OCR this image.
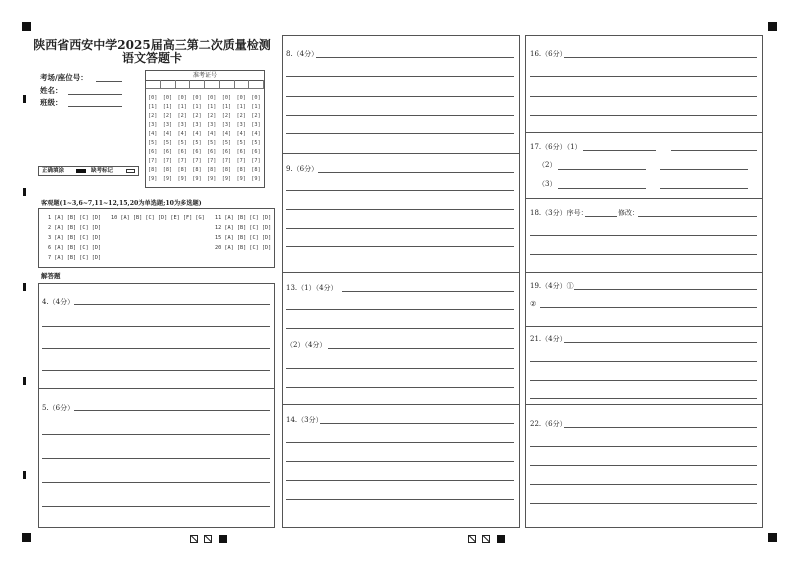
陕西省西安中学2025届高三第二次质量检测
语文答题卡
考场/座位号：
姓名：
班级：
准考证号
[0]
[1]
[2]
[3]
[4]
[5]
[6]
[7]
[8]
[9]
[0]
[1]
[2]
[3]
[4]
[5]
[6]
[7]
[8]
[9]
[0]
[1]
[2]
[3]
[4]
[5]
[6]
[7]
[8]
[9]
[0]
[1]
[2]
[3]
[4]
[5]
[6]
[7]
[8]
[9]
[0]
[1]
[2]
[3]
[4]
[5]
[6]
[7]
[8]
[9]
[0]
[1]
[2]
[3]
[4]
[5]
[6]
[7]
[8]
[9]
[0]
[1]
[2]
[3]
[4]
[5]
[6]
[7]
[8]
[9]
[0]
[1]
[2]
[3]
[4]
[5]
[6]
[7]
[8]
[9]
正确填涂	缺考标记
客观题(1~3,6~7,11~12,15,20为单选题;10为多选题)
1 [A] [B] [C] [D]
2 [A] [B] [C] [D]
3 [A] [B] [C] [D]
6 [A] [B] [C] [D]
7 [A] [B] [C] [D]
10 [A] [B] [C] [D] [E] [F] [G] 11 [A] [B] [C] [D]
12 [A] [B] [C] [D]
15 [A] [B] [C] [D]
20 [A] [B] [C] [D]
解答题
4.（4分）
5.（6分）
8.（4分）
9.（6分）
13.（1）（4分）
（2）（4分）
14.（3分）
16.（6分）
17.（6分）（1）
（2）
（3）
18.（3分）序号：	修改：
19.（4分）①
②
21.（4分）
22.（6分）
